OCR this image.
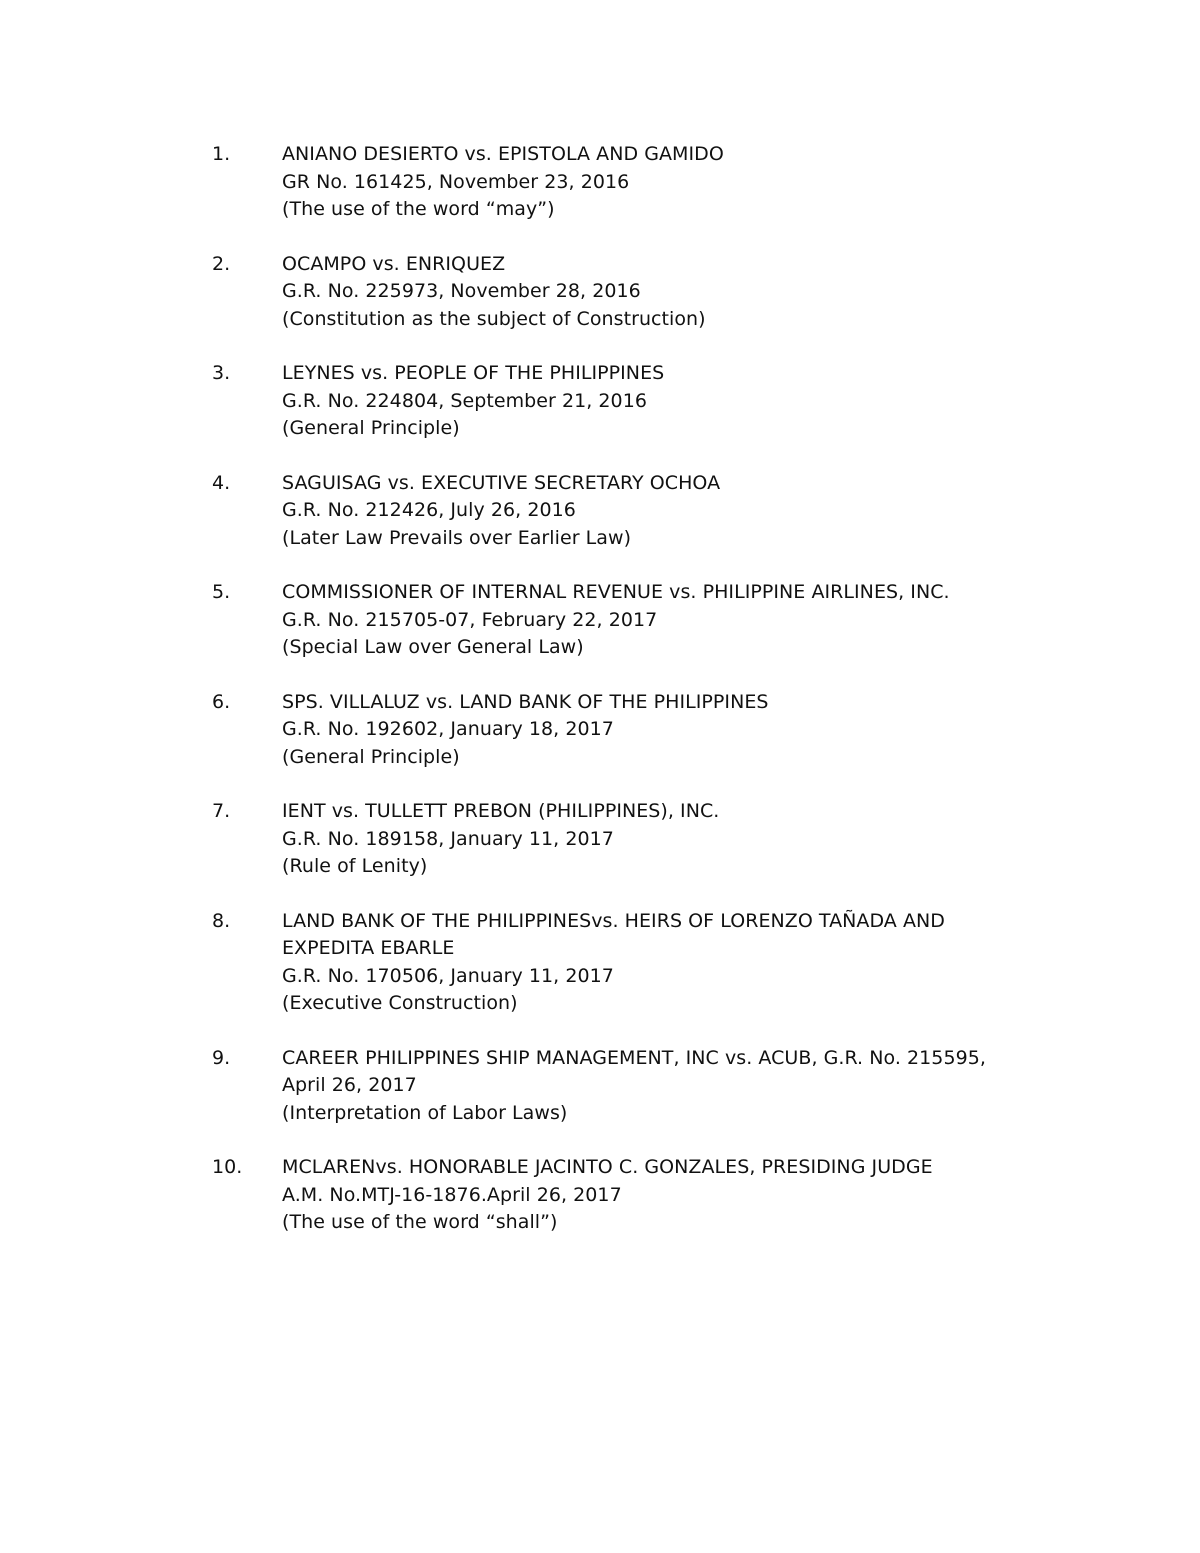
1.	ANIANO DESIERTO vs. EPISTOLA AND GAMIDO
GR No. 161425, November 23, 2016
(The use of the word “may”)
2.	OCAMPO vs. ENRIQUEZ
G.R. No. 225973, November 28, 2016
(Constitution as the subject of Construction)
3.	LEYNES vs. PEOPLE OF THE PHILIPPINES
G.R. No. 224804, September 21, 2016
(General Principle)
4.	SAGUISAG vs. EXECUTIVE SECRETARY OCHOA
G.R. No. 212426, July 26, 2016
(Later Law Prevails over Earlier Law)
5.	COMMISSIONER OF INTERNAL REVENUE vs. PHILIPPINE AIRLINES, INC.
G.R. No. 215705-07, February 22, 2017
(Special Law over General Law)
6.	SPS. VILLALUZ vs. LAND BANK OF THE PHILIPPINES
G.R. No. 192602, January 18, 2017
(General Principle)
7.	IENT vs. TULLETT PREBON (PHILIPPINES), INC.
G.R. No. 189158, January 11, 2017
(Rule of Lenity)
8.	LAND BANK OF THE PHILIPPINESvs. HEIRS OF LORENZO TAÑADA AND
EXPEDITA EBARLE
G.R. No. 170506, January 11, 2017
(Executive Construction)
9.	CAREER PHILIPPINES SHIP MANAGEMENT, INC vs. ACUB, G.R. No. 215595,
April 26, 2017
(Interpretation of Labor Laws)
10. MCLARENvs. HONORABLE JACINTO C. GONZALES, PRESIDING JUDGE
A.M. No.MTJ-16-1876.April 26, 2017
(The use of the word “shall”)
